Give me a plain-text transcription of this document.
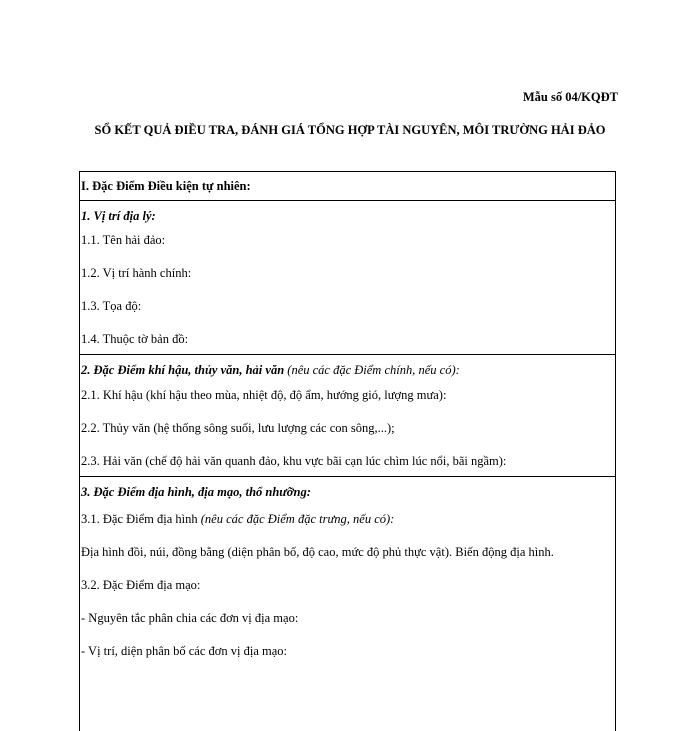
Mẫu số 04/KQĐT
SỔ KẾT QUẢ ĐIỀU TRA, ĐÁNH GIÁ TỔNG HỢP TÀI NGUYÊN, MÔI TRƯỜNG HẢI ĐẢO

I. Đặc Điểm Điều kiện tự nhiên:

1. Vị trí địa lý:

1.1. Tên hải đảo:

1.2. Vị trí hành chính:

1.3. Tọa độ:

1.4. Thuộc tờ bản đồ:

2. Đặc Điểm khí hậu, thủy văn, hải văn (nêu các đặc Điểm chính, nếu có):

2.1. Khí hậu (khí hậu theo mùa, nhiệt độ, độ ẩm, hướng gió, lượng mưa):

2.2. Thủy văn (hệ thống sông suối, lưu lượng các con sông,...);

2.3. Hải văn (chế độ hải văn quanh đảo, khu vực bãi cạn lúc chìm lúc nổi, bãi ngầm):

3. Đặc Điểm địa hình, địa mạo, thổ nhưỡng:

3.1. Đặc Điểm địa hình (nêu các đặc Điểm đặc trưng, nếu có):

Địa hình đồi, núi, đồng bằng (diện phân bố, độ cao, mức độ phủ thực vật). Biến động địa hình.

3.2. Đặc Điểm địa mạo:

- Nguyên tắc phân chia các đơn vị địa mạo:

- Vị trí, diện phân bố các đơn vị địa mạo:
